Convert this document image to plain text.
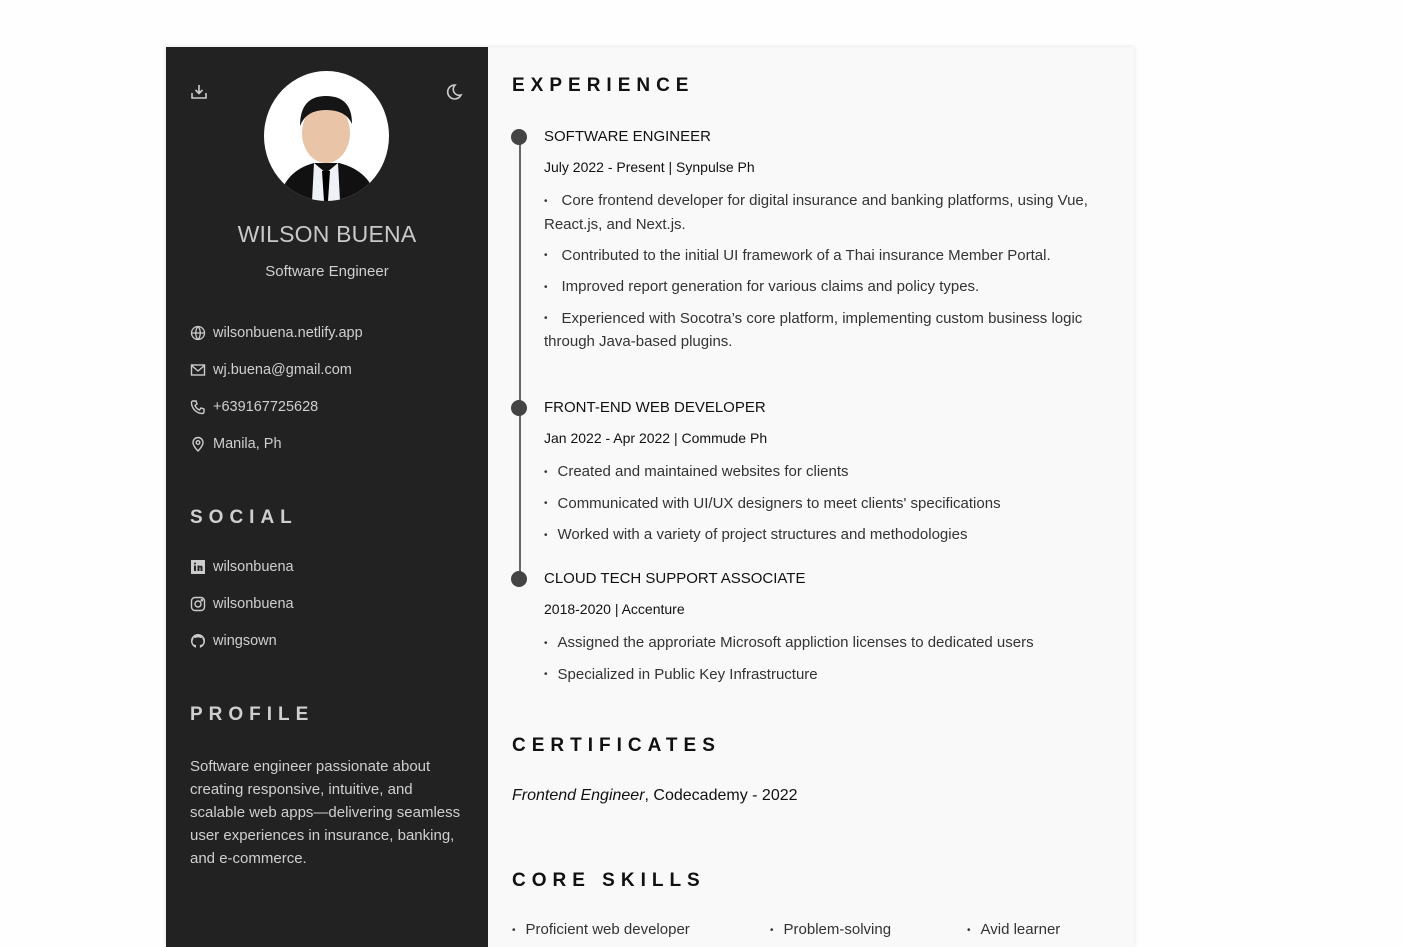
WILSON BUENA
Software Engineer
wilsonbuena.netlify.app
wj.buena@gmail.com
+639167725628
Manila, Ph
SOCIAL
wilsonbuena
wilsonbuena
wingsown
PROFILE
Software engineer passionate about creating responsive, intuitive, and scalable web apps—delivering seamless user experiences in insurance, banking, and e-commerce.
EXPERIENCE
SOFTWARE ENGINEER
July 2022 - Present | Synpulse Ph
• Core frontend developer for digital insurance and banking platforms, using Vue, React.js, and Next.js.
• Contributed to the initial UI framework of a Thai insurance Member Portal.
• Improved report generation for various claims and policy types.
• Experienced with Socotra’s core platform, implementing custom business logic through Java-based plugins.
FRONT-END WEB DEVELOPER
Jan 2022 - Apr 2022 | Commude Ph
• Created and maintained websites for clients
• Communicated with UI/UX designers to meet clients' specifications
• Worked with a variety of project structures and methodologies
CLOUD TECH SUPPORT ASSOCIATE
2018-2020 | Accenture
• Assigned the approriate Microsoft appliction licenses to dedicated users
• Specialized in Public Key Infrastructure
CERTIFICATES
Frontend Engineer, Codecademy - 2022
CORE SKILLS
• Proficient web developer	• Problem-solving	• Avid learner
